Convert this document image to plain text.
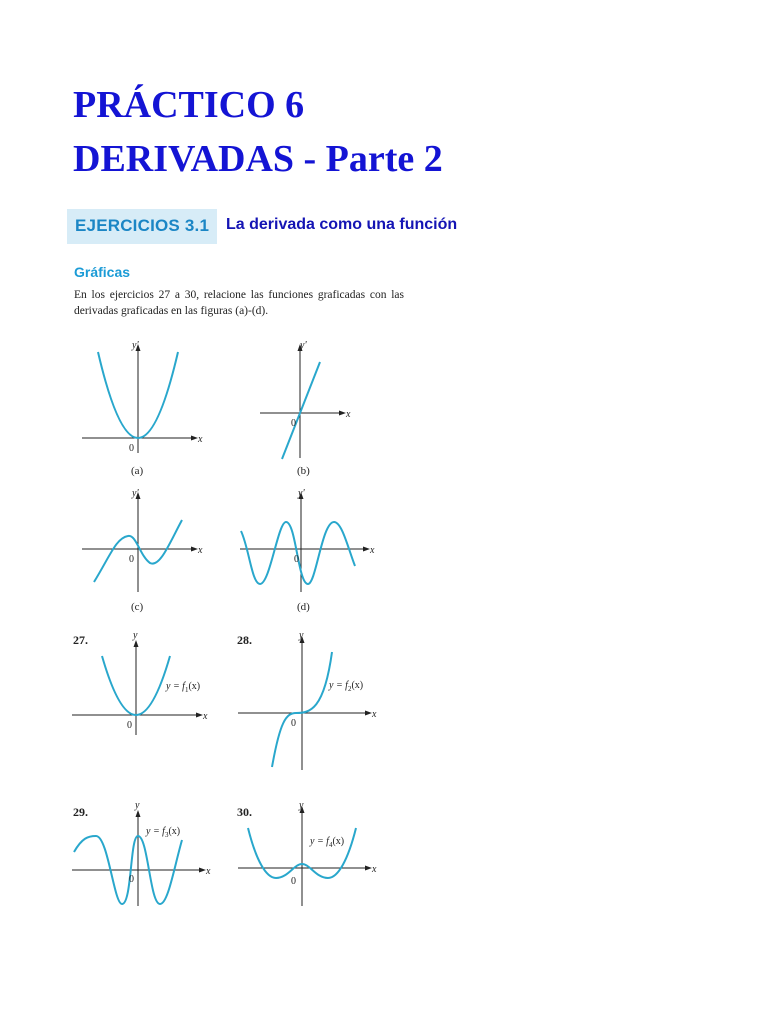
PRÁCTICO 6
DERIVADAS - Parte 2
EJERCICIOS 3.1 La derivada como una función
Gráficas

En los ejercicios 27 a 30, relacione las funciones graficadas con las derivadas graficadas en las figuras (a)-(d).

y'
x
0
(a)
y'
x
0
(b)
y'
x
0
(c)
y'
x
0
(d)
27.	y
x
0
$y = f_1(x)$
28.	y
x
0
$y = f_2(x)$
29.	y
x
0
$y = f_3(x)$
30.	y
x
0
$y = f_4(x)$
